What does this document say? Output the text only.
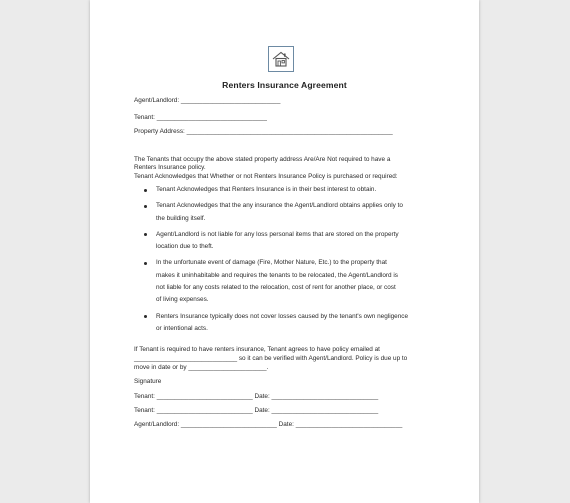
Renters Insurance Agreement
Agent/Landlord: ____________________________
Tenant: _______________________________
Property Address: __________________________________________________________
The Tenants that occupy the above stated property address Are/Are Not required to have a
Renters Insurance policy.
Tenant Acknowledges that Whether or not Renters Insurance Policy is purchased or required:
Tenant Acknowledges that Renters Insurance is in their best interest to obtain.
Tenant Acknowledges that the any insurance the Agent/Landlord obtains applies only to
the building itself.
Agent/Landlord is not liable for any loss personal items that are stored on the property
location due to theft.
In the unfortunate event of damage (Fire, Mother Nature, Etc.) to the property that
makes it uninhabitable and requires the tenants to be relocated, the Agent/Landlord is
not liable for any costs related to the relocation, cost of rent for another place, or cost
of living expenses.
Renters Insurance typically does not cover losses caused by the tenant's own negligence
or intentional acts.
If Tenant is required to have renters insurance, Tenant agrees to have policy emailed at
_____________________________ so it can be verified with Agent/Landlord. Policy is due up to
move in date or by ______________________.
Signature
Tenant: ___________________________ Date: ______________________________
Tenant: ___________________________ Date: ______________________________
Agent/Landlord: ___________________________ Date: ______________________________
